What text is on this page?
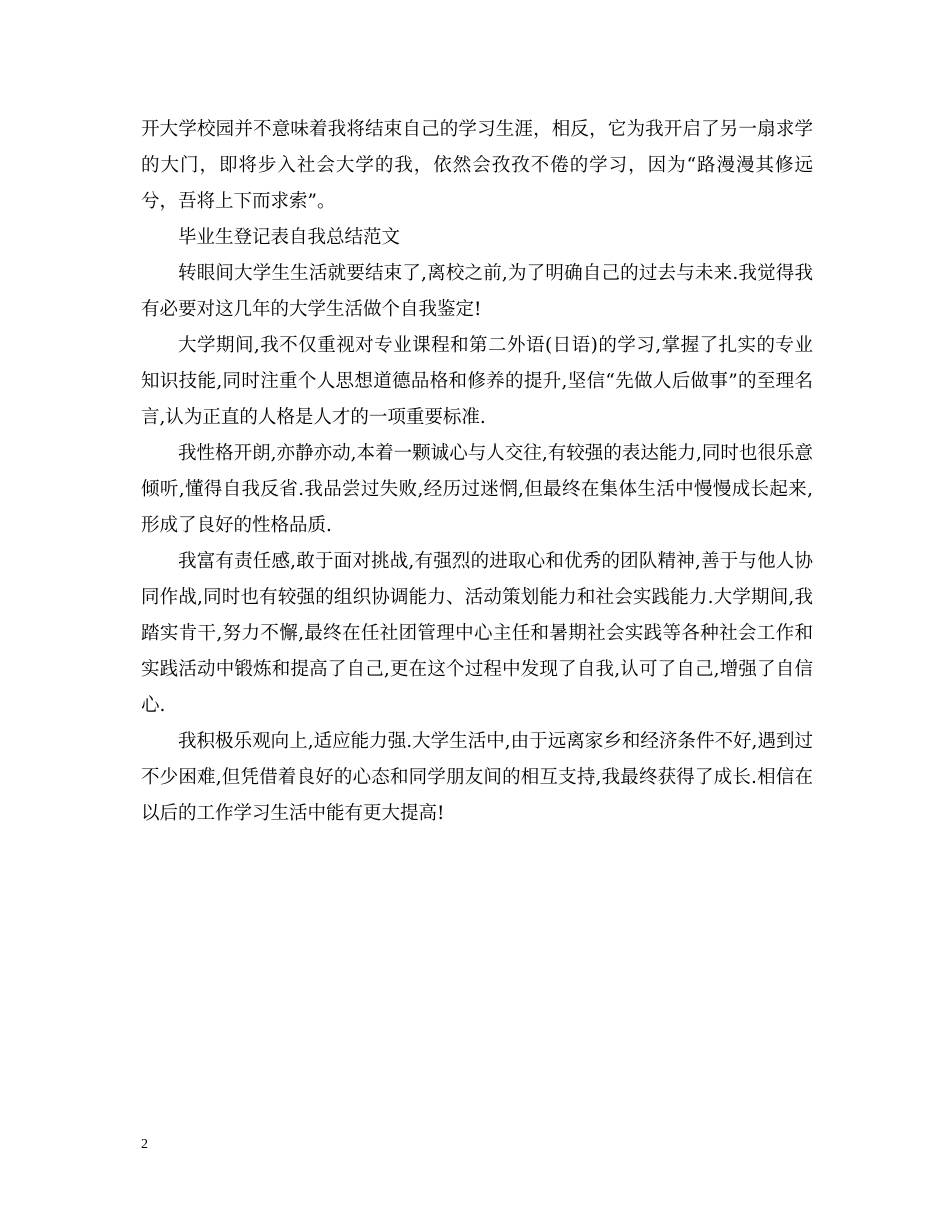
开大学校园并不意味着我将结束自己的学习生涯，相反，它为我开启了另一扇求学的大门，即将步入社会大学的我，依然会孜孜不倦的学习，因为“路漫漫其修远兮，吾将上下而求索”。

毕业生登记表自我总结范文

转眼间大学生生活就要结束了,离校之前,为了明确自己的过去与未来.我觉得我有必要对这几年的大学生活做个自我鉴定!

大学期间,我不仅重视对专业课程和第二外语(日语)的学习,掌握了扎实的专业知识技能,同时注重个人思想道德品格和修养的提升,坚信“先做人后做事”的至理名言,认为正直的人格是人才的一项重要标准.

我性格开朗,亦静亦动,本着一颗诚心与人交往,有较强的表达能力,同时也很乐意倾听,懂得自我反省.我品尝过失败,经历过迷惘,但最终在集体生活中慢慢成长起来,形成了良好的性格品质.

我富有责任感,敢于面对挑战,有强烈的进取心和优秀的团队精神,善于与他人协同作战,同时也有较强的组织协调能力、活动策划能力和社会实践能力.大学期间,我踏实肯干,努力不懈,最终在任社团管理中心主任和暑期社会实践等各种社会工作和实践活动中锻炼和提高了自己,更在这个过程中发现了自我,认可了自己,增强了自信心.

我积极乐观向上,适应能力强.大学生活中,由于远离家乡和经济条件不好,遇到过不少困难,但凭借着良好的心态和同学朋友间的相互支持,我最终获得了成长.相信在以后的工作学习生活中能有更大提高!

2
